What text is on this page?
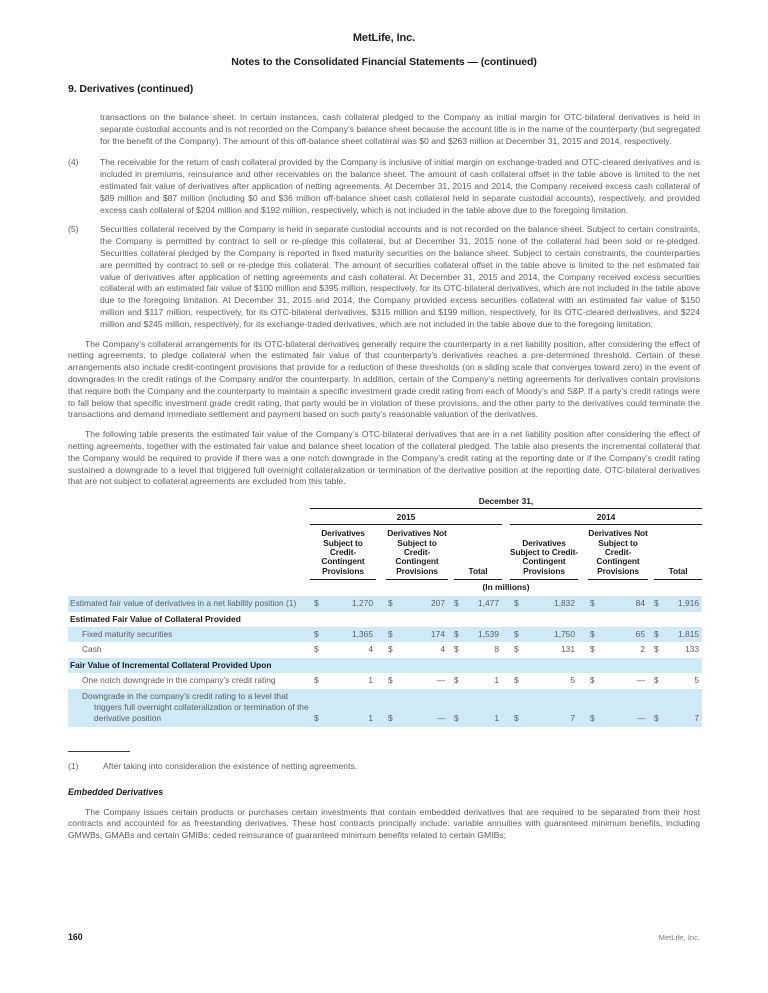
MetLife, Inc.
Notes to the Consolidated Financial Statements — (continued)
9. Derivatives (continued)
transactions on the balance sheet. In certain instances, cash collateral pledged to the Company as initial margin for OTC-bilateral derivatives is held in separate custodial accounts and is not recorded on the Company’s balance sheet because the account title is in the name of the counterparty (but segregated for the benefit of the Company). The amount of this off-balance sheet collateral was $0 and $263 million at December 31, 2015 and 2014, respectively.
(4) The receivable for the return of cash collateral provided by the Company is inclusive of initial margin on exchange-traded and OTC-cleared derivatives and is included in premiums, reinsurance and other receivables on the balance sheet. The amount of cash collateral offset in the table above is limited to the net estimated fair value of derivatives after application of netting agreements. At December 31, 2015 and 2014, the Company received excess cash collateral of $89 million and $87 million (including $0 and $36 million off-balance sheet cash collateral held in separate custodial accounts), respectively, and provided excess cash collateral of $204 million and $192 million, respectively, which is not included in the table above due to the foregoing limitation.
(5) Securities collateral received by the Company is held in separate custodial accounts and is not recorded on the balance sheet. Subject to certain constraints, the Company is permitted by contract to sell or re-pledge this collateral, but at December 31, 2015 none of the collateral had been sold or re-pledged. Securities collateral pledged by the Company is reported in fixed maturity securities on the balance sheet. Subject to certain constraints, the counterparties are permitted by contract to sell or re-pledge this collateral. The amount of securities collateral offset in the table above is limited to the net estimated fair value of derivatives after application of netting agreements and cash collateral. At December 31, 2015 and 2014, the Company received excess securities collateral with an estimated fair value of $100 million and $395 million, respectively, for its OTC-bilateral derivatives, which are not included in the table above due to the foregoing limitation. At December 31, 2015 and 2014, the Company provided excess securities collateral with an estimated fair value of $150 million and $117 million, respectively, for its OTC-bilateral derivatives, $315 million and $199 million, respectively, for its OTC-cleared derivatives, and $224 million and $245 million, respectively, for its exchange-traded derivatives, which are not included in the table above due to the foregoing limitation.

The Company’s collateral arrangements for its OTC-bilateral derivatives generally require the counterparty in a net liability position, after considering the effect of netting agreements, to pledge collateral when the estimated fair value of that counterparty’s derivatives reaches a pre-determined threshold. Certain of these arrangements also include credit-contingent provisions that provide for a reduction of these thresholds (on a sliding scale that converges toward zero) in the event of downgrades in the credit ratings of the Company and/or the counterparty. In addition, certain of the Company’s netting agreements for derivatives contain provisions that require both the Company and the counterparty to maintain a specific investment grade credit rating from each of Moody’s and S&P. If a party’s credit ratings were to fall below that specific investment grade credit rating, that party would be in violation of these provisions, and the other party to the derivatives could terminate the transactions and demand immediate settlement and payment based on such party’s reasonable valuation of the derivatives.

The following table presents the estimated fair value of the Company’s OTC-bilateral derivatives that are in a net liability position after considering the effect of netting agreements, together with the estimated fair value and balance sheet location of the collateral pledged. The table also presents the incremental collateral that the Company would be required to provide if there was a one notch downgrade in the Company’s credit rating at the reporting date or if the Company’s credit rating sustained a downgrade to a level that triggered full overnight collateralization or termination of the derivative position at the reporting date. OTC-bilateral derivatives that are not subject to collateral agreements are excluded from this table.

	December 31,						
	2015				2014		

	Derivatives Subject to Credit-Contingent Provisions	Derivatives Not Subject to Credit-Contingent Provisions	Total		Derivatives Subject to Credit-Contingent Provisions	Derivatives Not Subject to Credit-Contingent Provisions	Total

	(In millions)						
Estimated fair value of derivatives in a net liability position (1)	$ 1,270	$ 207	$ 1,477		$ 1,832	$ 84	$ 1,916

Estimated Fair Value of Collateral Provided							
Fixed maturity securities	$ 1,365	$ 174	$ 1,539		$ 1,750	$ 65	$ 1,815

Cash	$ 4	$ 4	$ 8		$ 131	$ 2	$ 133

Fair Value of Incremental Collateral Provided Upon							
One notch downgrade in the company’s credit rating	$ 1	$ —	$ 1		$ 5	$ —	$ 5

Downgrade in the company’s credit rating to a level that triggers full overnight collateralization or termination of the derivative position	$ 1	$ —	$ 1		$ 7	$ —	$ 7
(1)	After taking into consideration the existence of netting agreements.
Embedded Derivatives

The Company issues certain products or purchases certain investments that contain embedded derivatives that are required to be separated from their host contracts and accounted for as freestanding derivatives. These host contracts principally include: variable annuities with guaranteed minimum benefits, including GMWBs, GMABs and certain GMIBs; ceded reinsurance of guaranteed minimum benefits related to certain GMIBs;

160	MetLife, Inc.
